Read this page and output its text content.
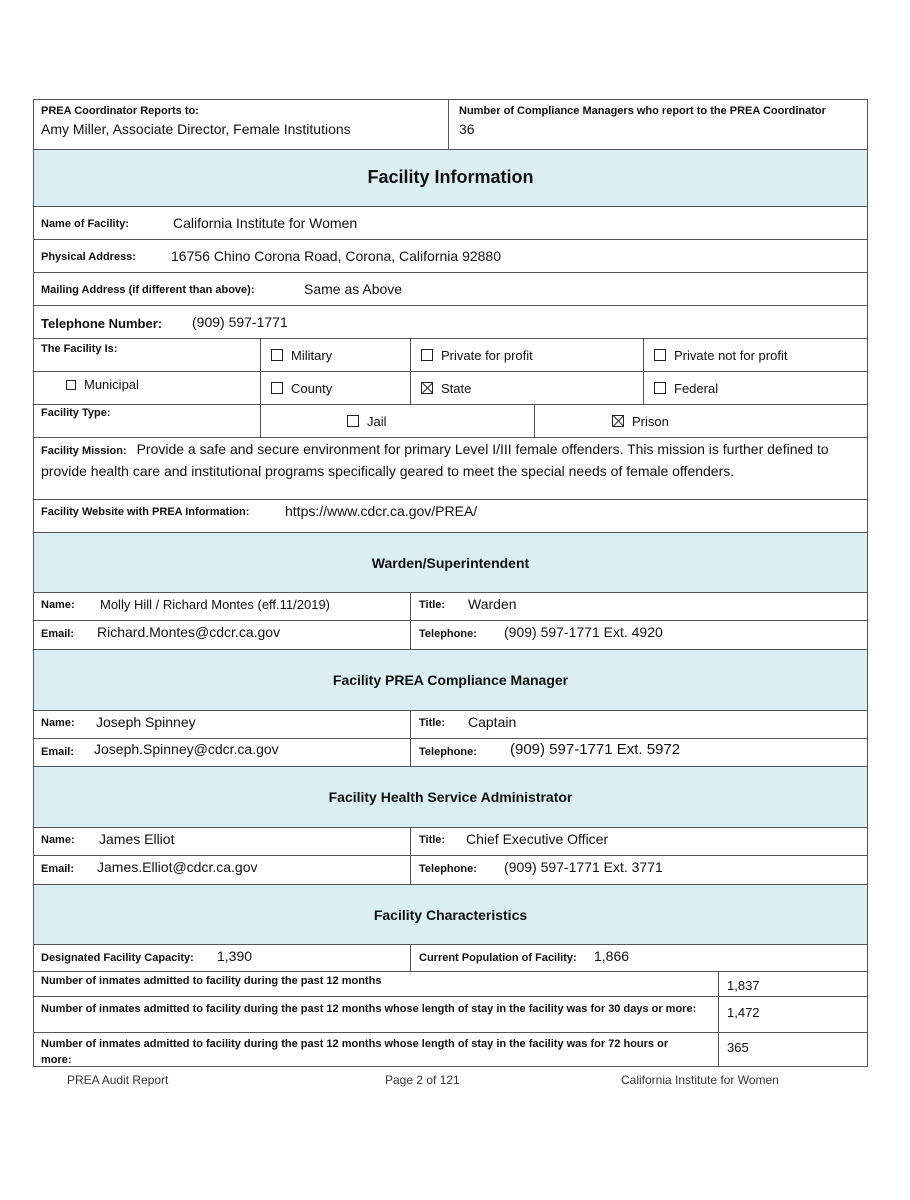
PREA Coordinator Reports to:
Amy Miller, Associate Director, Female Institutions
Number of Compliance Managers who report to the PREA Coordinator
36
Facility Information
Name of Facility:	California Institute for Women
Physical Address:	16756 Chino Corona Road, Corona, California 92880
Mailing Address (if different than above):	Same as Above
Telephone Number: (909) 597-1771
The Facility Is:	Military	Private for profit	Private not for profit
Municipal	County	State	Federal
Facility Type:
Jail	Prison
Facility Mission: Provide a safe and secure environment for primary Level I/III female offenders. This mission is further defined to provide health care and institutional programs specifically geared to meet the special needs of female offenders.
Facility Website with PREA Information:	https://www.cdcr.ca.gov/PREA/
Warden/Superintendent
Name: Molly Hill / Richard Montes (eff.11/2019)	Title: Warden
Email: Richard.Montes@cdcr.ca.gov	Telephone: (909) 597-1771 Ext. 4920
Facility PREA Compliance Manager
Name: Joseph Spinney	Title: Captain
Email: Joseph.Spinney@cdcr.ca.gov	Telephone: (909) 597-1771 Ext. 5972
Facility Health Service Administrator
Name: James Elliot	Title: Chief Executive Officer
Email: James.Elliot@cdcr.ca.gov	Telephone: (909) 597-1771 Ext. 3771
Facility Characteristics
Designated Facility Capacity: 1,390	Current Population of Facility: 1,866
Number of inmates admitted to facility during the past 12 months	1,837
Number of inmates admitted to facility during the past 12 months whose length of stay in the facility was for 30 days or more:	1,472
Number of inmates admitted to facility during the past 12 months whose length of stay in the facility was for 72 hours or more:
365
PREA Audit Report	Page 2 of 121	California Institute for Women
